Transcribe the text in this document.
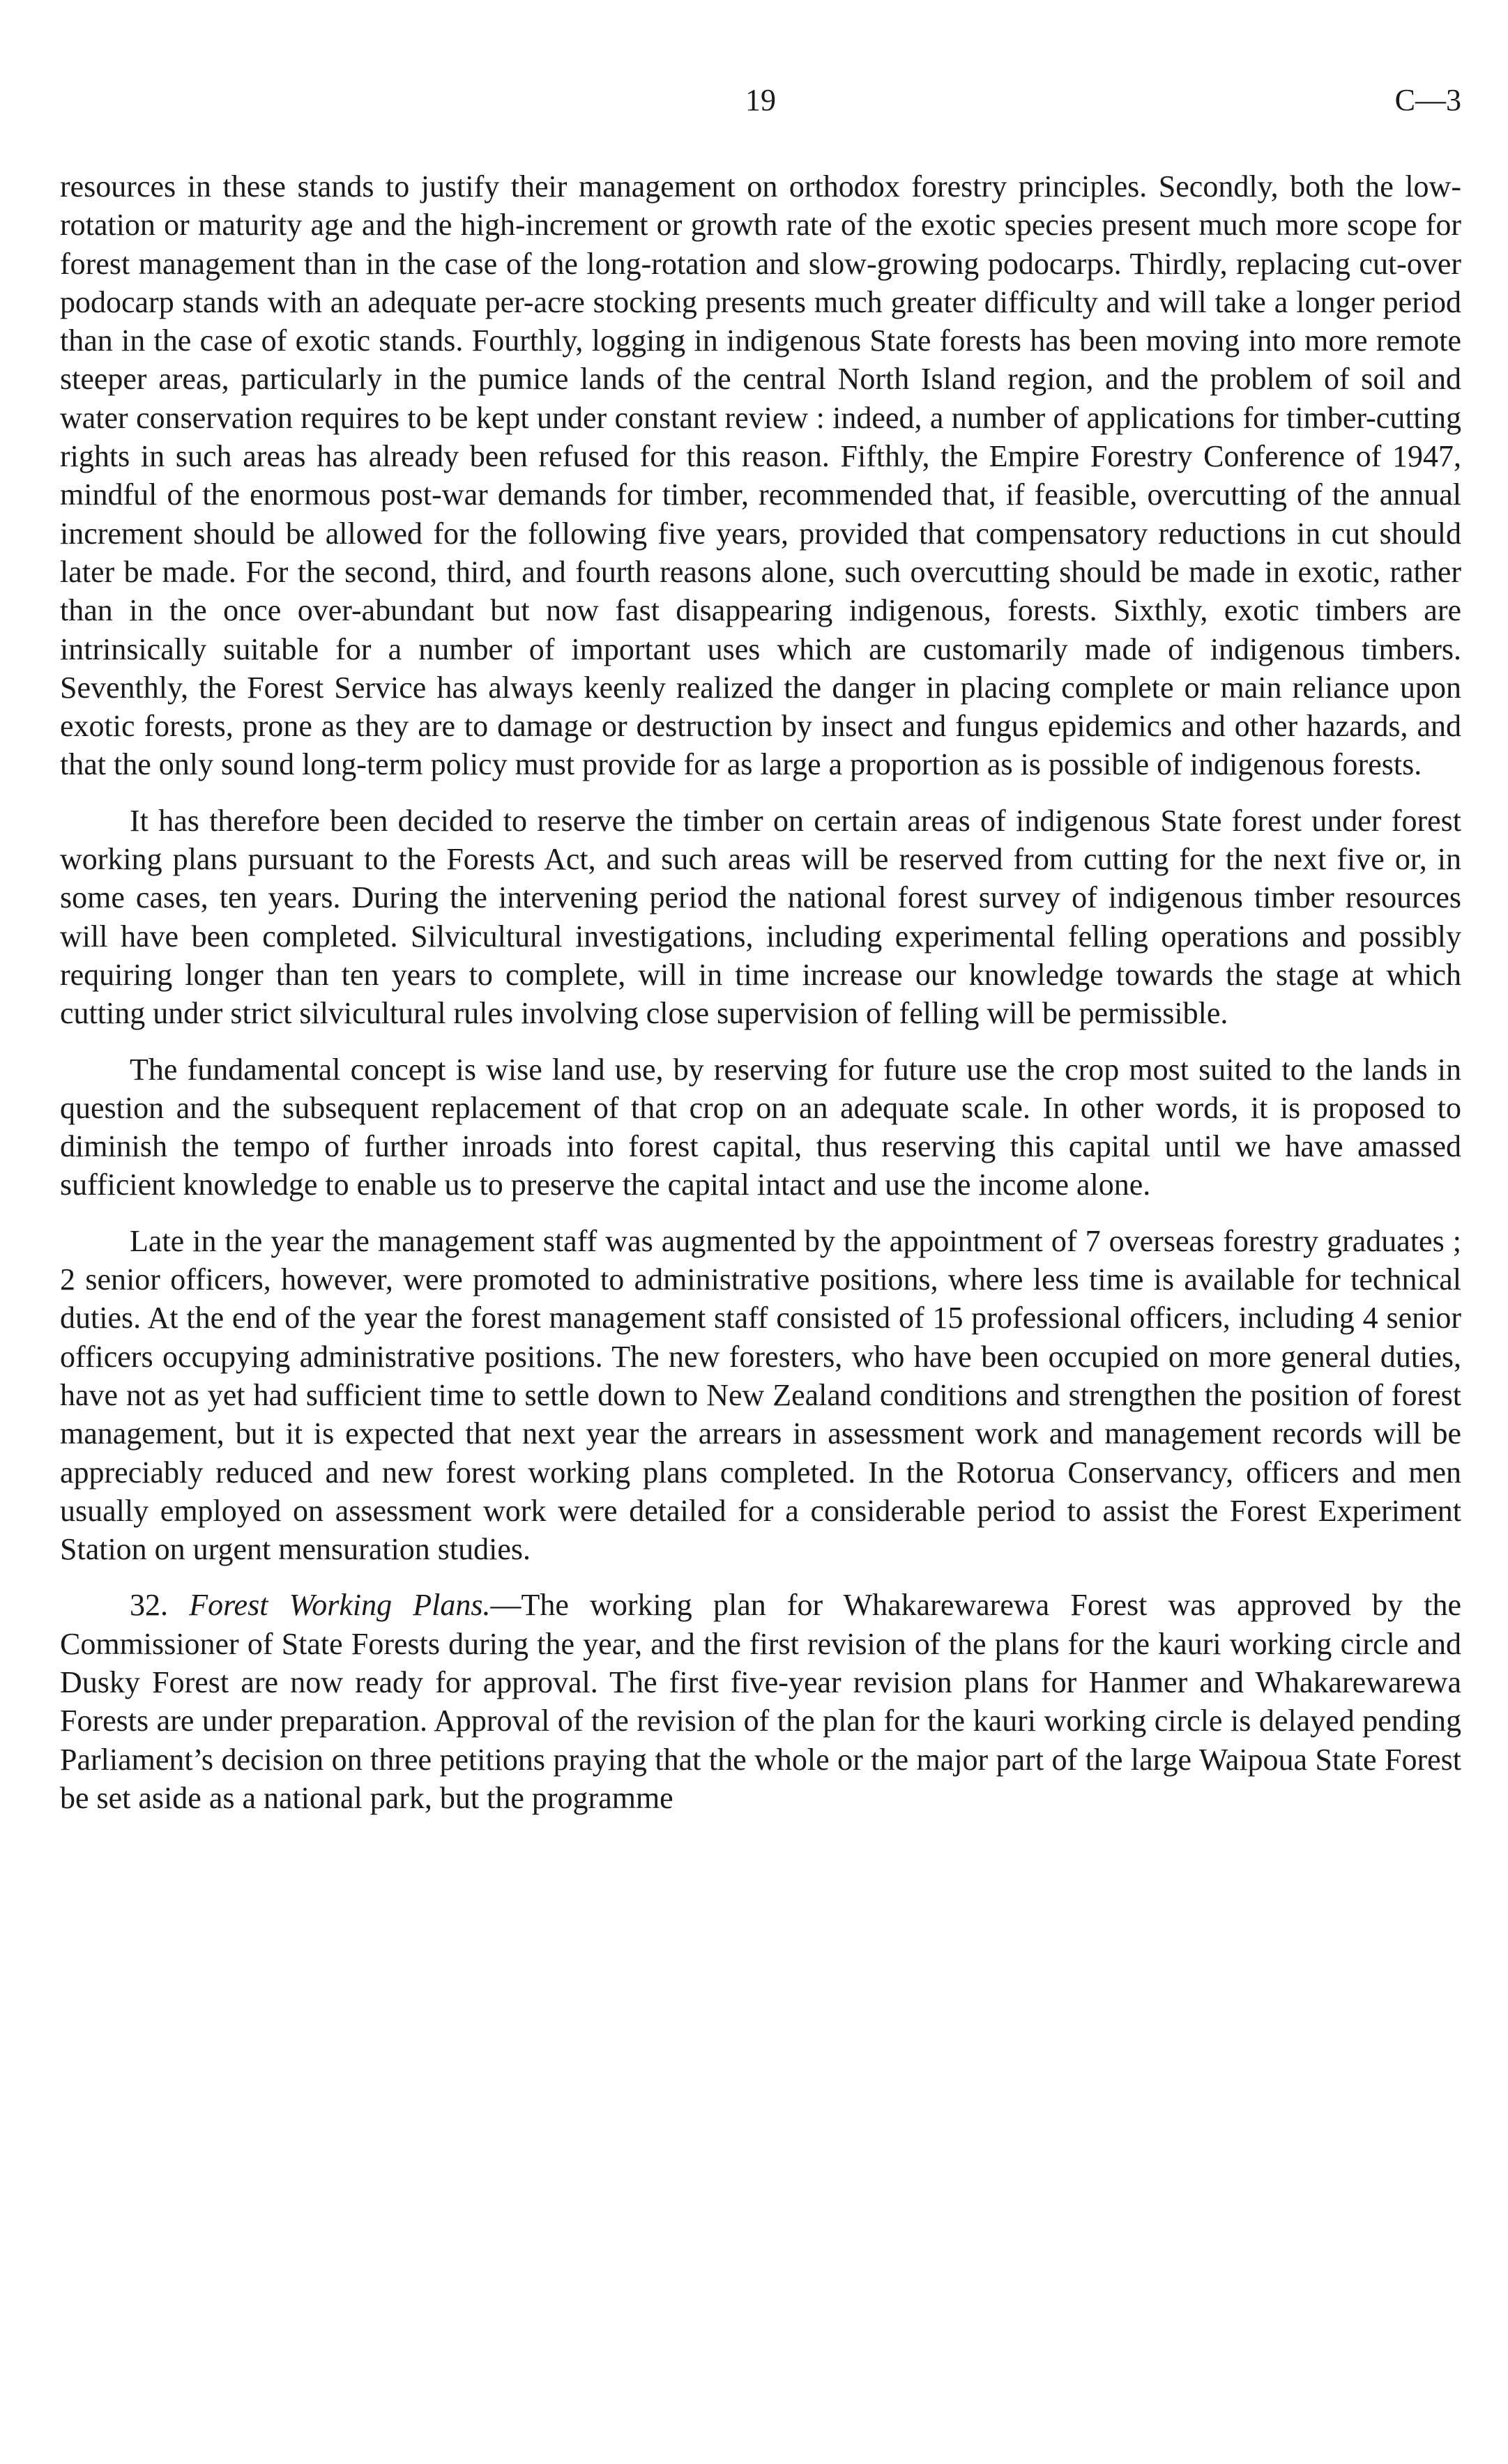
19	C—3

resources in these stands to justify their management on orthodox forestry principles. Secondly, both the low-rotation or maturity age and the high-increment or growth rate of the exotic species present much more scope for forest management than in the case of the long-rotation and slow-growing podocarps. Thirdly, replacing cut-over podocarp stands with an adequate per-acre stocking presents much greater difficulty and will take a longer period than in the case of exotic stands. Fourthly, logging in indigenous State forests has been moving into more remote steeper areas, particularly in the pumice lands of the central North Island region, and the problem of soil and water conservation requires to be kept under constant review : indeed, a number of applications for timber-cutting rights in such areas has already been refused for this reason. Fifthly, the Empire Forestry Conference of 1947, mindful of the enormous post-war demands for timber, recommended that, if feasible, overcutting of the annual increment should be allowed for the following five years, provided that compensatory reductions in cut should later be made. For the second, third, and fourth reasons alone, such overcutting should be made in exotic, rather than in the once over-abundant but now fast disappearing indigenous, forests. Sixthly, exotic timbers are intrinsically suitable for a number of important uses which are customarily made of indigenous timbers. Seventhly, the Forest Service has always keenly realized the danger in placing complete or main reliance upon exotic forests, prone as they are to damage or destruction by insect and fungus epidemics and other hazards, and that the only sound long-term policy must provide for as large a proportion as is possible of indigenous forests.

It has therefore been decided to reserve the timber on certain areas of indigenous State forest under forest working plans pursuant to the Forests Act, and such areas will be reserved from cutting for the next five or, in some cases, ten years. During the intervening period the national forest survey of indigenous timber resources will have been completed. Silvicultural investigations, including experimental felling operations and possibly requiring longer than ten years to complete, will in time increase our knowledge towards the stage at which cutting under strict silvicultural rules involving close supervision of felling will be permissible.

The fundamental concept is wise land use, by reserving for future use the crop most suited to the lands in question and the subsequent replacement of that crop on an adequate scale. In other words, it is proposed to diminish the tempo of further inroads into forest capital, thus reserving this capital until we have amassed sufficient knowledge to enable us to preserve the capital intact and use the income alone.

Late in the year the management staff was augmented by the appointment of 7 overseas forestry graduates ; 2 senior officers, however, were promoted to administrative positions, where less time is available for technical duties. At the end of the year the forest management staff consisted of 15 professional officers, including 4 senior officers occupying administrative positions. The new foresters, who have been occupied on more general duties, have not as yet had sufficient time to settle down to New Zealand conditions and strengthen the position of forest management, but it is expected that next year the arrears in assessment work and management records will be appreciably reduced and new forest working plans completed. In the Rotorua Conservancy, officers and men usually employed on assessment work were detailed for a considerable period to assist the Forest Experiment Station on urgent mensuration studies.

32. Forest Working Plans.—The working plan for Whakarewarewa Forest was approved by the Commissioner of State Forests during the year, and the first revision of the plans for the kauri working circle and Dusky Forest are now ready for approval. The first five-year revision plans for Hanmer and Whakarewarewa Forests are under preparation. Approval of the revision of the plan for the kauri working circle is delayed pending Parliament’s decision on three petitions praying that the whole or the major part of the large Waipoua State Forest be set aside as a national park, but the programme
